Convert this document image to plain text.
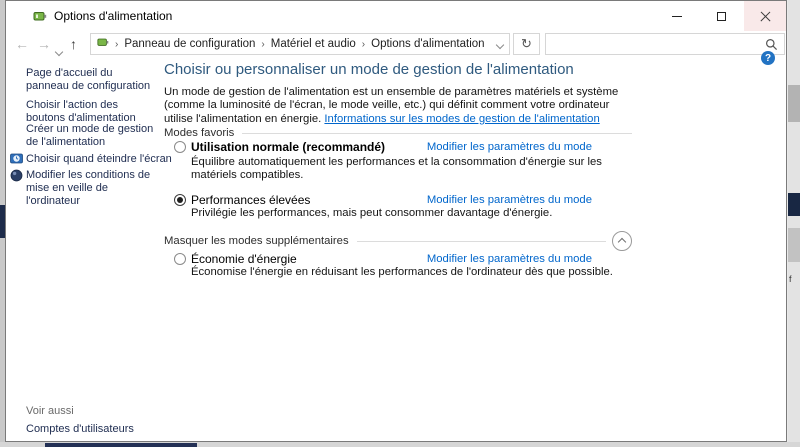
f
Options d'alimentation
← → ↑	› Panneau de configuration › Matériel et audio › Options d'alimentation	↻
?
Page d'accueil du panneau de configuration
Choisir l'action des boutons d'alimentation
Créer un mode de gestion de l'alimentation
Choisir quand éteindre l'écran
Modifier les conditions de mise en veille de l'ordinateur
Voir aussi
Comptes d'utilisateurs
Choisir ou personnaliser un mode de gestion de l'alimentation
Un mode de gestion de l'alimentation est un ensemble de paramètres matériels et système (comme la luminosité de l'écran, le mode veille, etc.) qui définit comment votre ordinateur utilise l'alimentation en énergie. Informations sur les modes de gestion de l'alimentation
Modes favoris
Utilisation normale (recommandé)	Modifier les paramètres du mode
Équilibre automatiquement les performances et la consommation d'énergie sur les matériels compatibles.
Performances élevées	Modifier les paramètres du mode
Privilégie les performances, mais peut consommer davantage d'énergie.
Masquer les modes supplémentaires
Économie d'énergie	Modifier les paramètres du mode
Économise l'énergie en réduisant les performances de l'ordinateur dès que possible.
